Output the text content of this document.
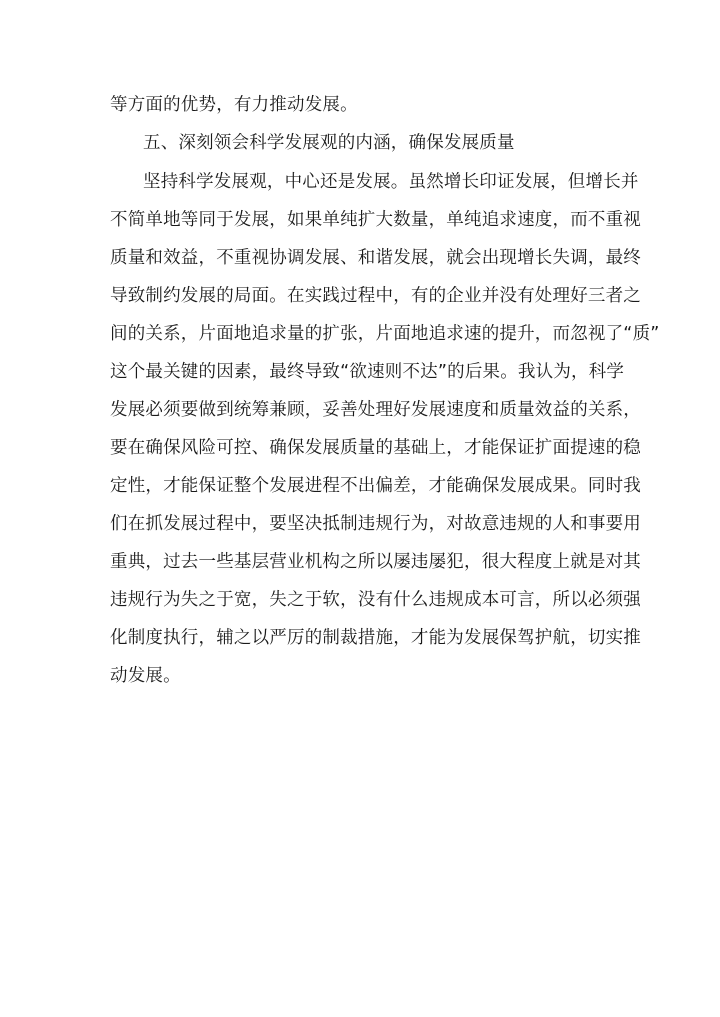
等方面的优势，有力推动发展。
五、深刻领会科学发展观的内涵，确保发展质量
坚持科学发展观，中心还是发展。虽然增长印证发展，但增长并
不简单地等同于发展，如果单纯扩大数量，单纯追求速度，而不重视
质量和效益，不重视协调发展、和谐发展，就会出现增长失调，最终
导致制约发展的局面。在实践过程中，有的企业并没有处理好三者之
间的关系，片面地追求量的扩张，片面地追求速的提升，而忽视了“质”
这个最关键的因素，最终导致“欲速则不达”的后果。我认为，科学
发展必须要做到统筹兼顾，妥善处理好发展速度和质量效益的关系，
要在确保风险可控、确保发展质量的基础上，才能保证扩面提速的稳
定性，才能保证整个发展进程不出偏差，才能确保发展成果。同时我
们在抓发展过程中，要坚决抵制违规行为，对故意违规的人和事要用
重典，过去一些基层营业机构之所以屡违屡犯，很大程度上就是对其
违规行为失之于宽，失之于软，没有什么违规成本可言，所以必须强
化制度执行，辅之以严厉的制裁措施，才能为发展保驾护航，切实推
动发展。
